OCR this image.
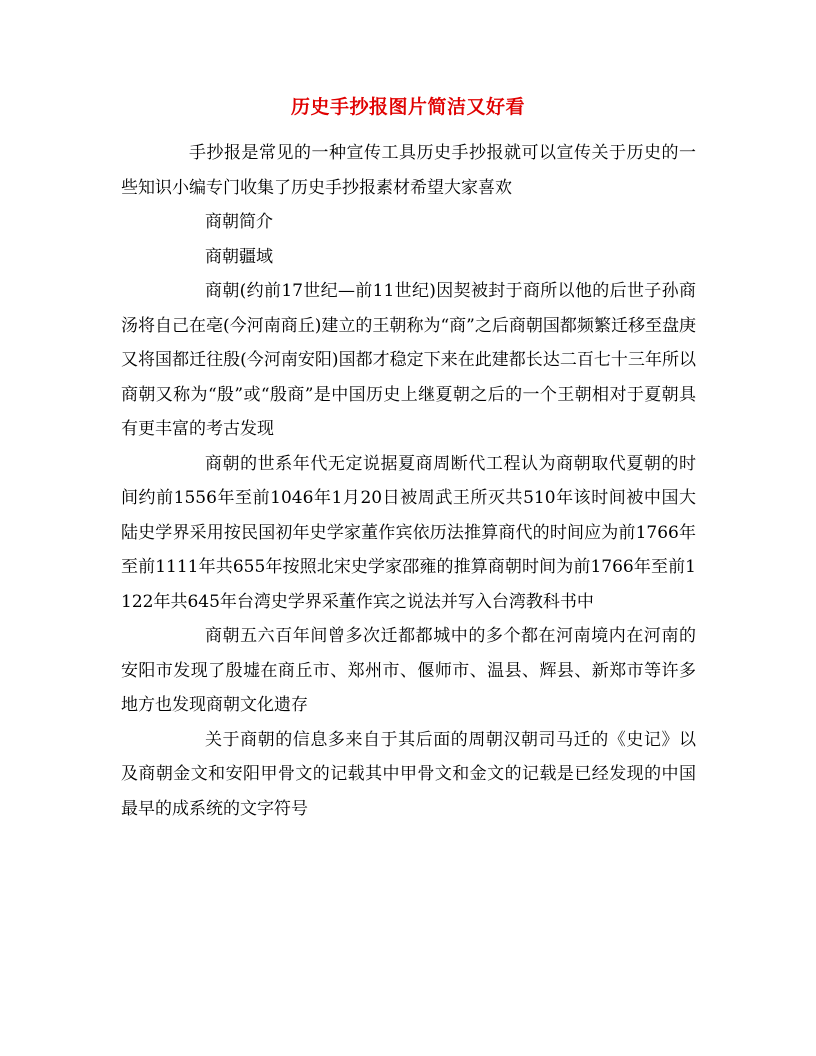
历史手抄报图片简洁又好看

手抄报是常见的一种宣传工具历史手抄报就可以宣传关于历史的一些知识小编专门收集了历史手抄报素材希望大家喜欢

商朝简介

商朝疆域

商朝(约前17世纪—前11世纪)因契被封于商所以他的后世子孙商汤将自己在亳(今河南商丘)建立的王朝称为“商”之后商朝国都频繁迁移至盘庚又将国都迁往殷(今河南安阳)国都才稳定下来在此建都长达二百七十三年所以商朝又称为“殷”或“殷商”是中国历史上继夏朝之后的一个王朝相对于夏朝具有更丰富的考古发现

商朝的世系年代无定说据夏商周断代工程认为商朝取代夏朝的时间约前1556年至前1046年1月20日被周武王所灭共510年该时间被中国大陆史学界采用按民国初年史学家董作宾依历法推算商代的时间应为前1766年至前1111年共655年按照北宋史学家邵雍的推算商朝时间为前1766年至前1122年共645年台湾史学界采董作宾之说法并写入台湾教科书中

商朝五六百年间曾多次迁都都城中的多个都在河南境内在河南的安阳市发现了殷墟在商丘市、郑州市、偃师市、温县、辉县、新郑市等许多地方也发现商朝文化遗存

关于商朝的信息多来自于其后面的周朝汉朝司马迁的《史记》以及商朝金文和安阳甲骨文的记载其中甲骨文和金文的记载是已经发现的中国最早的成系统的文字符号
